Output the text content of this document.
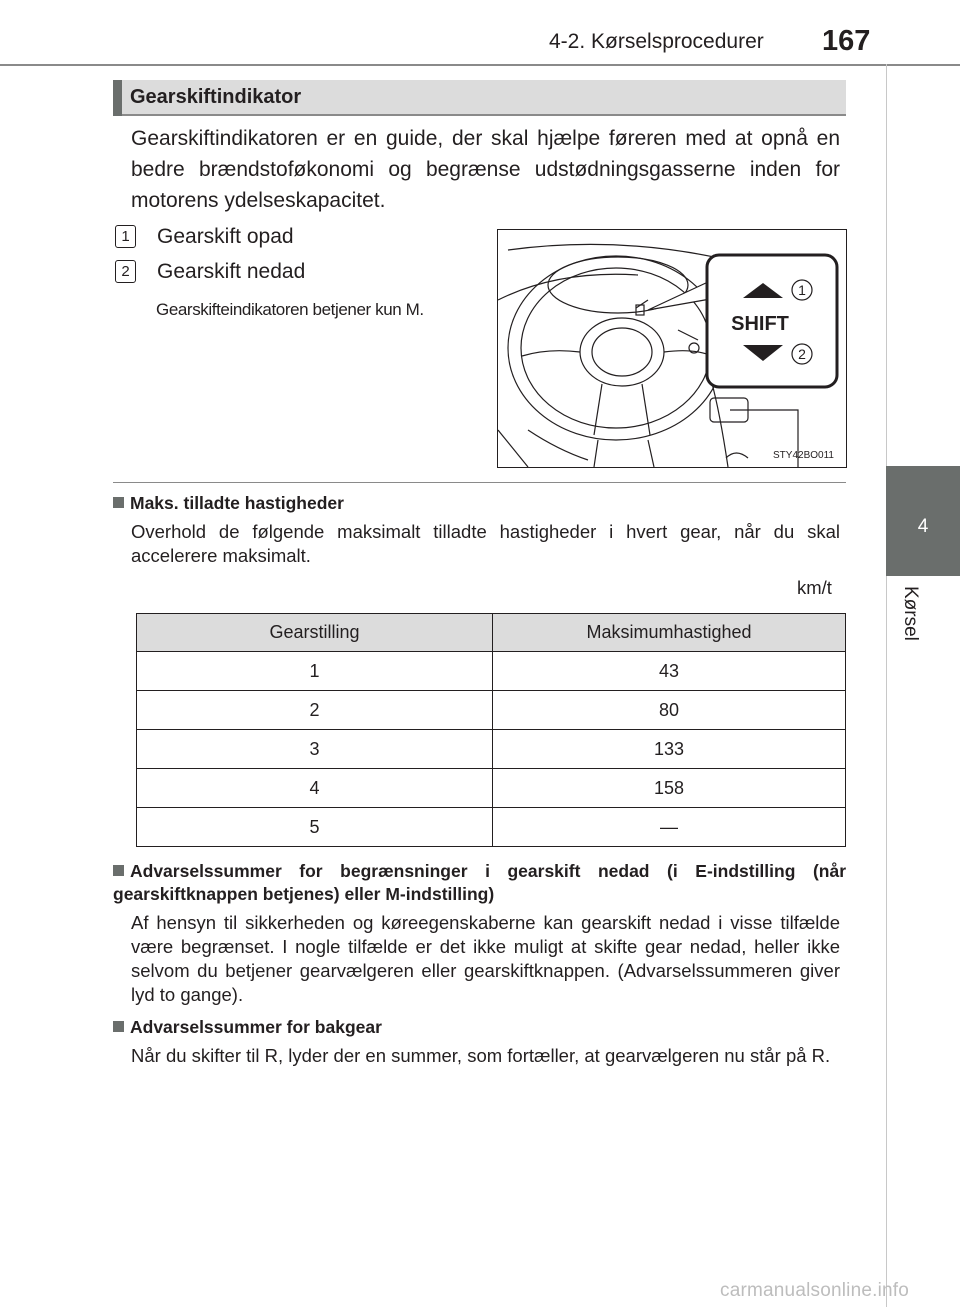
4-2. Kørselsprocedurer 167
4
Kørsel
Gearskiftindikator
Gearskiftindikatoren er en guide, der skal hjælpe føreren med at opnå en bedre brændstoføkonomi og begrænse udstødningsgasserne inden for motorens ydelseskapacitet.
1	Gearskift opad
2	Gearskift nedad
Gearskifteindikatoren betjener kun M.
SHIFT
1
2
STY42BO011
Maks. tilladte hastigheder
Overhold de følgende maksimalt tilladte hastigheder i hvert gear, når du skal accelerere maksimalt.
km/t
Gearstilling	Maksimumhastighed
1	43
2	80
3	133
4	158
5	—
Advarselssummer for begrænsninger i gearskift nedad (i E-indstilling (når gearskiftknappen betjenes) eller M-indstilling)
Af hensyn til sikkerheden og køreegenskaberne kan gearskift nedad i visse tilfælde være begrænset. I nogle tilfælde er det ikke muligt at skifte gear nedad, heller ikke selvom du betjener gearvælgeren eller gearskiftknappen. (Advarselssummeren giver lyd to gange).
Advarselssummer for bakgear
Når du skifter til R, lyder der en summer, som fortæller, at gearvælgeren nu står på R.
carmanualsonline.info
